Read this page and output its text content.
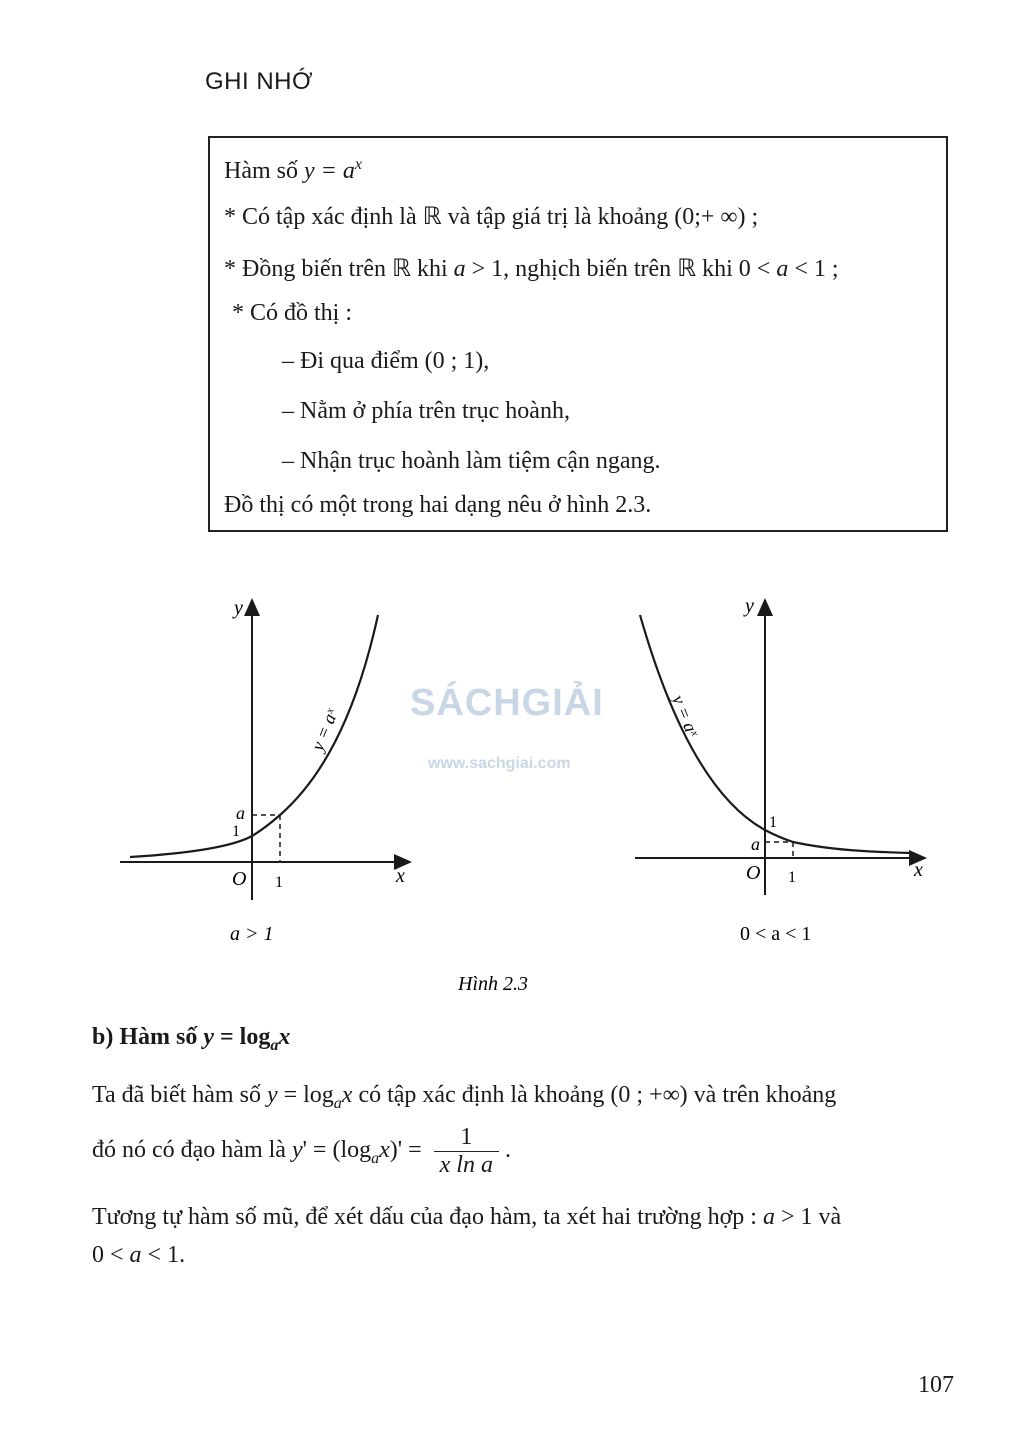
GHI NHỚ
Hàm số $y = a^x$
* Có tập xác định là ℝ và tập giá trị là khoảng (0;+ ∞) ;
* Đồng biến trên ℝ khi a > 1, nghịch biến trên ℝ khi 0 < a < 1 ;
* Có đồ thị :
– Đi qua điểm (0 ; 1),
– Nằm ở phía trên trục hoành,
– Nhận trục hoành làm tiệm cận ngang.
Đồ thị có một trong hai dạng nêu ở hình 2.3.
SÁCHGIẢI
www.sachgiai.com
y
x
O 1
1
a
y = aˣ
a > 1
y
x
O 1
1
a
y = aˣ
0 < a < 1
Hình 2.3
b) Hàm số $y = \log_ax$
Ta đã biết hàm số $y = \log_ax$ có tập xác định là khoảng (0 ; +∞) và trên khoảng
đó nó có đạo hàm là $y' = (\log_ax)' = \frac{1}{\text{x ln a}}$ .
Tương tự hàm số mũ, để xét dấu của đạo hàm, ta xét hai trường hợp : a > 1 và
0 < a < 1.
107
